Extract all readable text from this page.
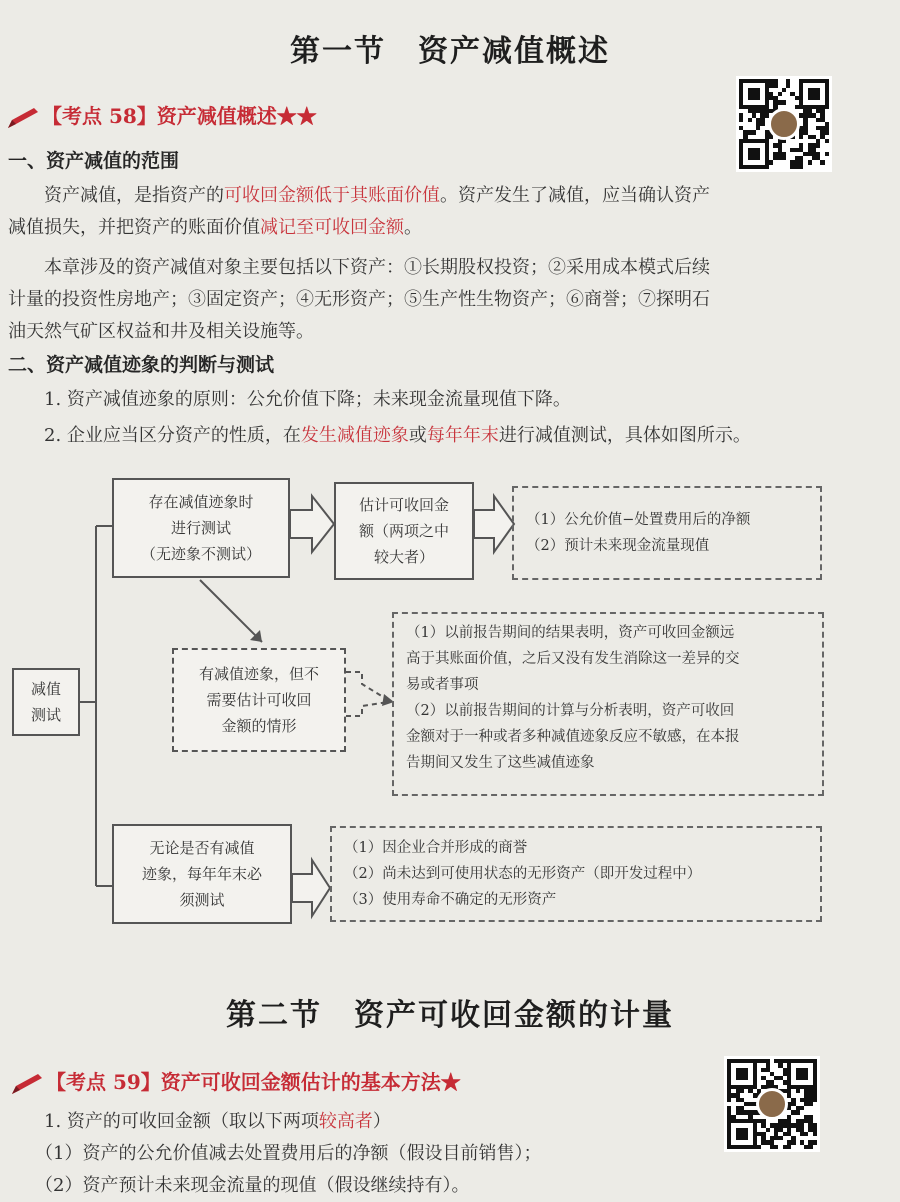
第一节　资产减值概述
【考点 58】资产减值概述★★
一、资产减值的范围
　　资产减值，是指资产的可收回金额低于其账面价值。资产发生了减值，应当确认资产
减值损失，并把资产的账面价值减记至可收回金额。
　　本章涉及的资产减值对象主要包括以下资产：①长期股权投资；②采用成本模式后续
计量的投资性房地产；③固定资产；④无形资产；⑤生产性生物资产；⑥商誉；⑦探明石
油天然气矿区权益和井及相关设施等。
二、资产减值迹象的判断与测试
　　1. 资产减值迹象的原则：公允价值下降；未来现金流量现值下降。
　　2. 企业应当区分资产的性质，在发生减值迹象或每年年末进行减值测试，具体如图所示。
减值
测试
存在减值迹象时
进行测试
（无迹象不测试）
估计可收回金
额（两项之中
较大者）
（1）公允价值−处置费用后的净额
（2）预计未来现金流量现值
有减值迹象，但不
需要估计可收回
金额的情形
（1）以前报告期间的结果表明，资产可收回金额远
高于其账面价值，之后又没有发生消除这一差异的交
易或者事项
（2）以前报告期间的计算与分析表明，资产可收回
金额对于一种或者多种减值迹象反应不敏感，在本报
告期间又发生了这些减值迹象
无论是否有减值
迹象，每年年末必
须测试
（1）因企业合并形成的商誉
（2）尚未达到可使用状态的无形资产（即开发过程中）
（3）使用寿命不确定的无形资产
第二节　资产可收回金额的计量
【考点 59】资产可收回金额估计的基本方法★
　　1. 资产的可收回金额（取以下两项较高者）
　　（1）资产的公允价值减去处置费用后的净额（假设目前销售）；
　　（2）资产预计未来现金流量的现值（假设继续持有）。
